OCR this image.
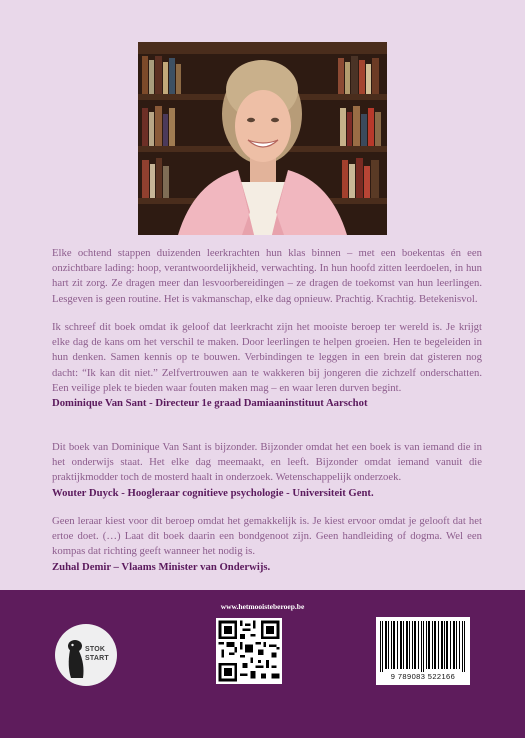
Elke ochtend stappen duizenden leerkrachten hun klas binnen – met een boekentas én een onzichtbare lading: hoop, verantwoordelijkheid, verwachting. In hun hoofd zitten leerdoelen, in hun hart zit zorg. Ze dragen meer dan lesvoorbereidingen – ze dragen de toekomst van hun leerlingen. Lesgeven is geen routine. Het is vakmanschap, elke dag opnieuw. Prachtig. Krachtig. Betekenisvol.

Ik schreef dit boek omdat ik geloof dat leerkracht zijn het mooiste beroep ter wereld is. Je krijgt elke dag de kans om het verschil te maken. Door leerlingen te helpen groeien. Hen te begeleiden in hun denken. Samen kennis op te bouwen. Verbindingen te leggen in een brein dat gisteren nog dacht: “Ik kan dit niet.” Zelfvertrouwen aan te wakkeren bij jongeren die zichzelf onderschatten. Een veilige plek te bieden waar fouten maken mag – en waar leren durven begint.

Dominique Van Sant - Directeur 1e graad Damiaaninstituut Aarschot

Dit boek van Dominique Van Sant is bijzonder. Bijzonder omdat het een boek is van iemand die in het onderwijs staat. Het elke dag meemaakt, en leeft. Bijzonder omdat iemand vanuit die praktijkmodder toch de mosterd haalt in onderzoek. Wetenschappelijk onderzoek.

Wouter Duyck - Hoogleraar cognitieve psychologie - Universiteit Gent.

Geen leraar kiest voor dit beroep omdat het gemakkelijk is. Je kiest ervoor omdat je gelooft dat het ertoe doet. (…) Laat dit boek daarin een bondgenoot zijn. Geen handleiding of dogma. Wel een kompas dat richting geeft wanneer het nodig is.

Zuhal Demir – Vlaams Minister van Onderwijs.
www.hetmooisteberoep.be
STOK
START
9 789083 522166
